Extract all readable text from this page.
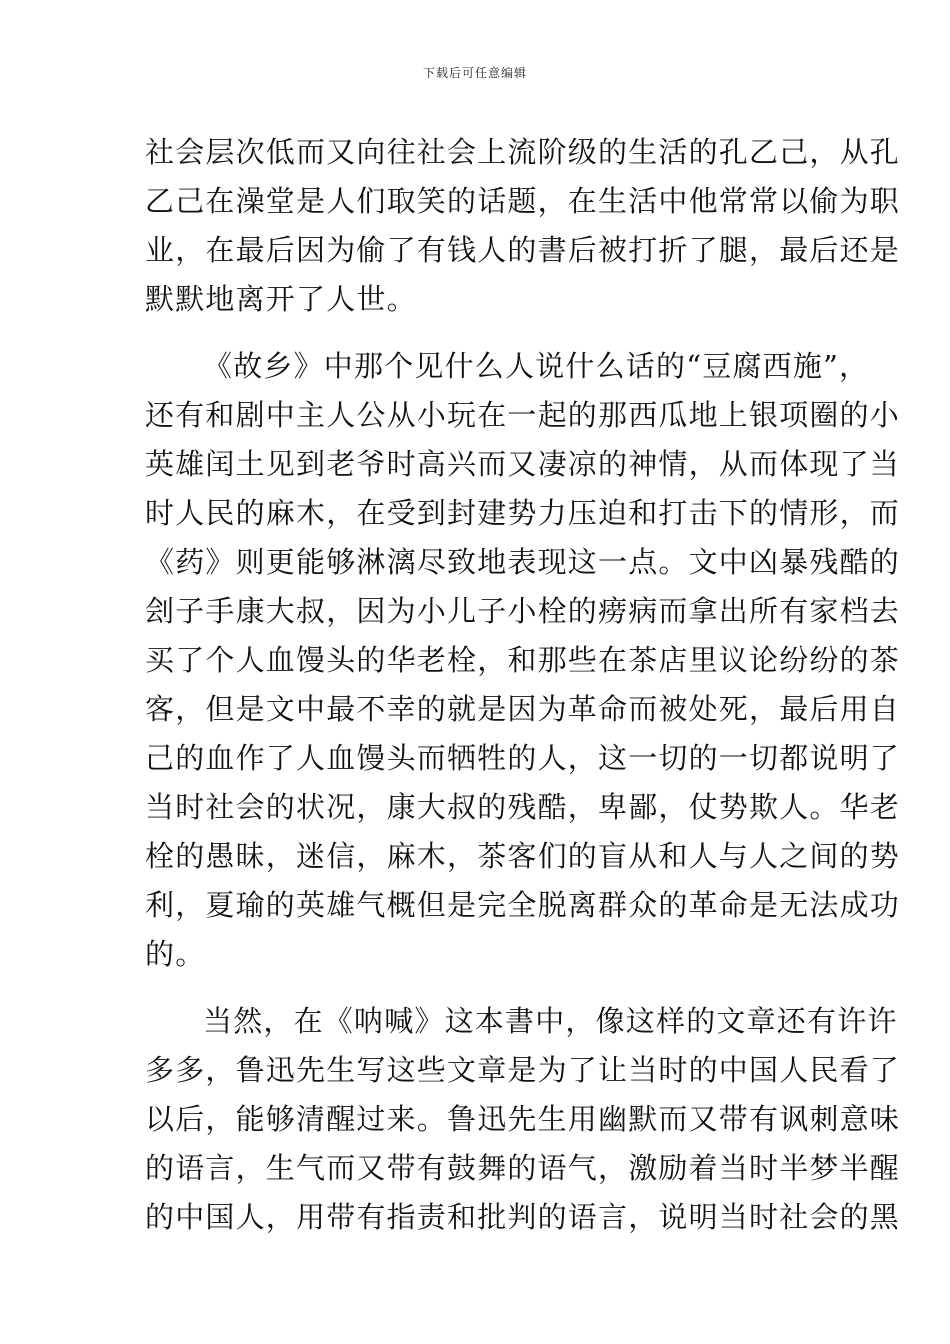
下载后可任意编辑
社会层次低而又向往社会上流阶级的生活的孔乙己，从孔
乙己在澡堂是人们取笑的话题，在生活中他常常以偷为职
业，在最后因为偷了有钱人的書后被打折了腿，最后还是
默默地离开了人世。
《故乡》中那个见什么人说什么话的“豆腐西施”，
还有和剧中主人公从小玩在一起的那西瓜地上银项圈的小
英雄闰土见到老爷时高兴而又凄凉的神情，从而体现了当
时人民的麻木，在受到封建势力压迫和打击下的情形，而
《药》则更能够淋漓尽致地表现这一点。文中凶暴残酷的
刽子手康大叔，因为小儿子小栓的痨病而拿出所有家档去
买了个人血馒头的华老栓，和那些在茶店里议论纷纷的茶
客，但是文中最不幸的就是因为革命而被处死，最后用自
己的血作了人血馒头而牺牲的人，这一切的一切都说明了
当时社会的状况，康大叔的残酷，卑鄙，仗势欺人。华老
栓的愚昧，迷信，麻木，茶客们的盲从和人与人之间的势
利，夏瑜的英雄气概但是完全脱离群众的革命是无法成功
的。
当然，在《呐喊》这本書中，像这样的文章还有许许
多多，鲁迅先生写这些文章是为了让当时的中国人民看了
以后，能够清醒过来。鲁迅先生用幽默而又带有讽刺意味
的语言，生气而又带有鼓舞的语气，激励着当时半梦半醒
的中国人，用带有指责和批判的语言，说明当时社会的黑
